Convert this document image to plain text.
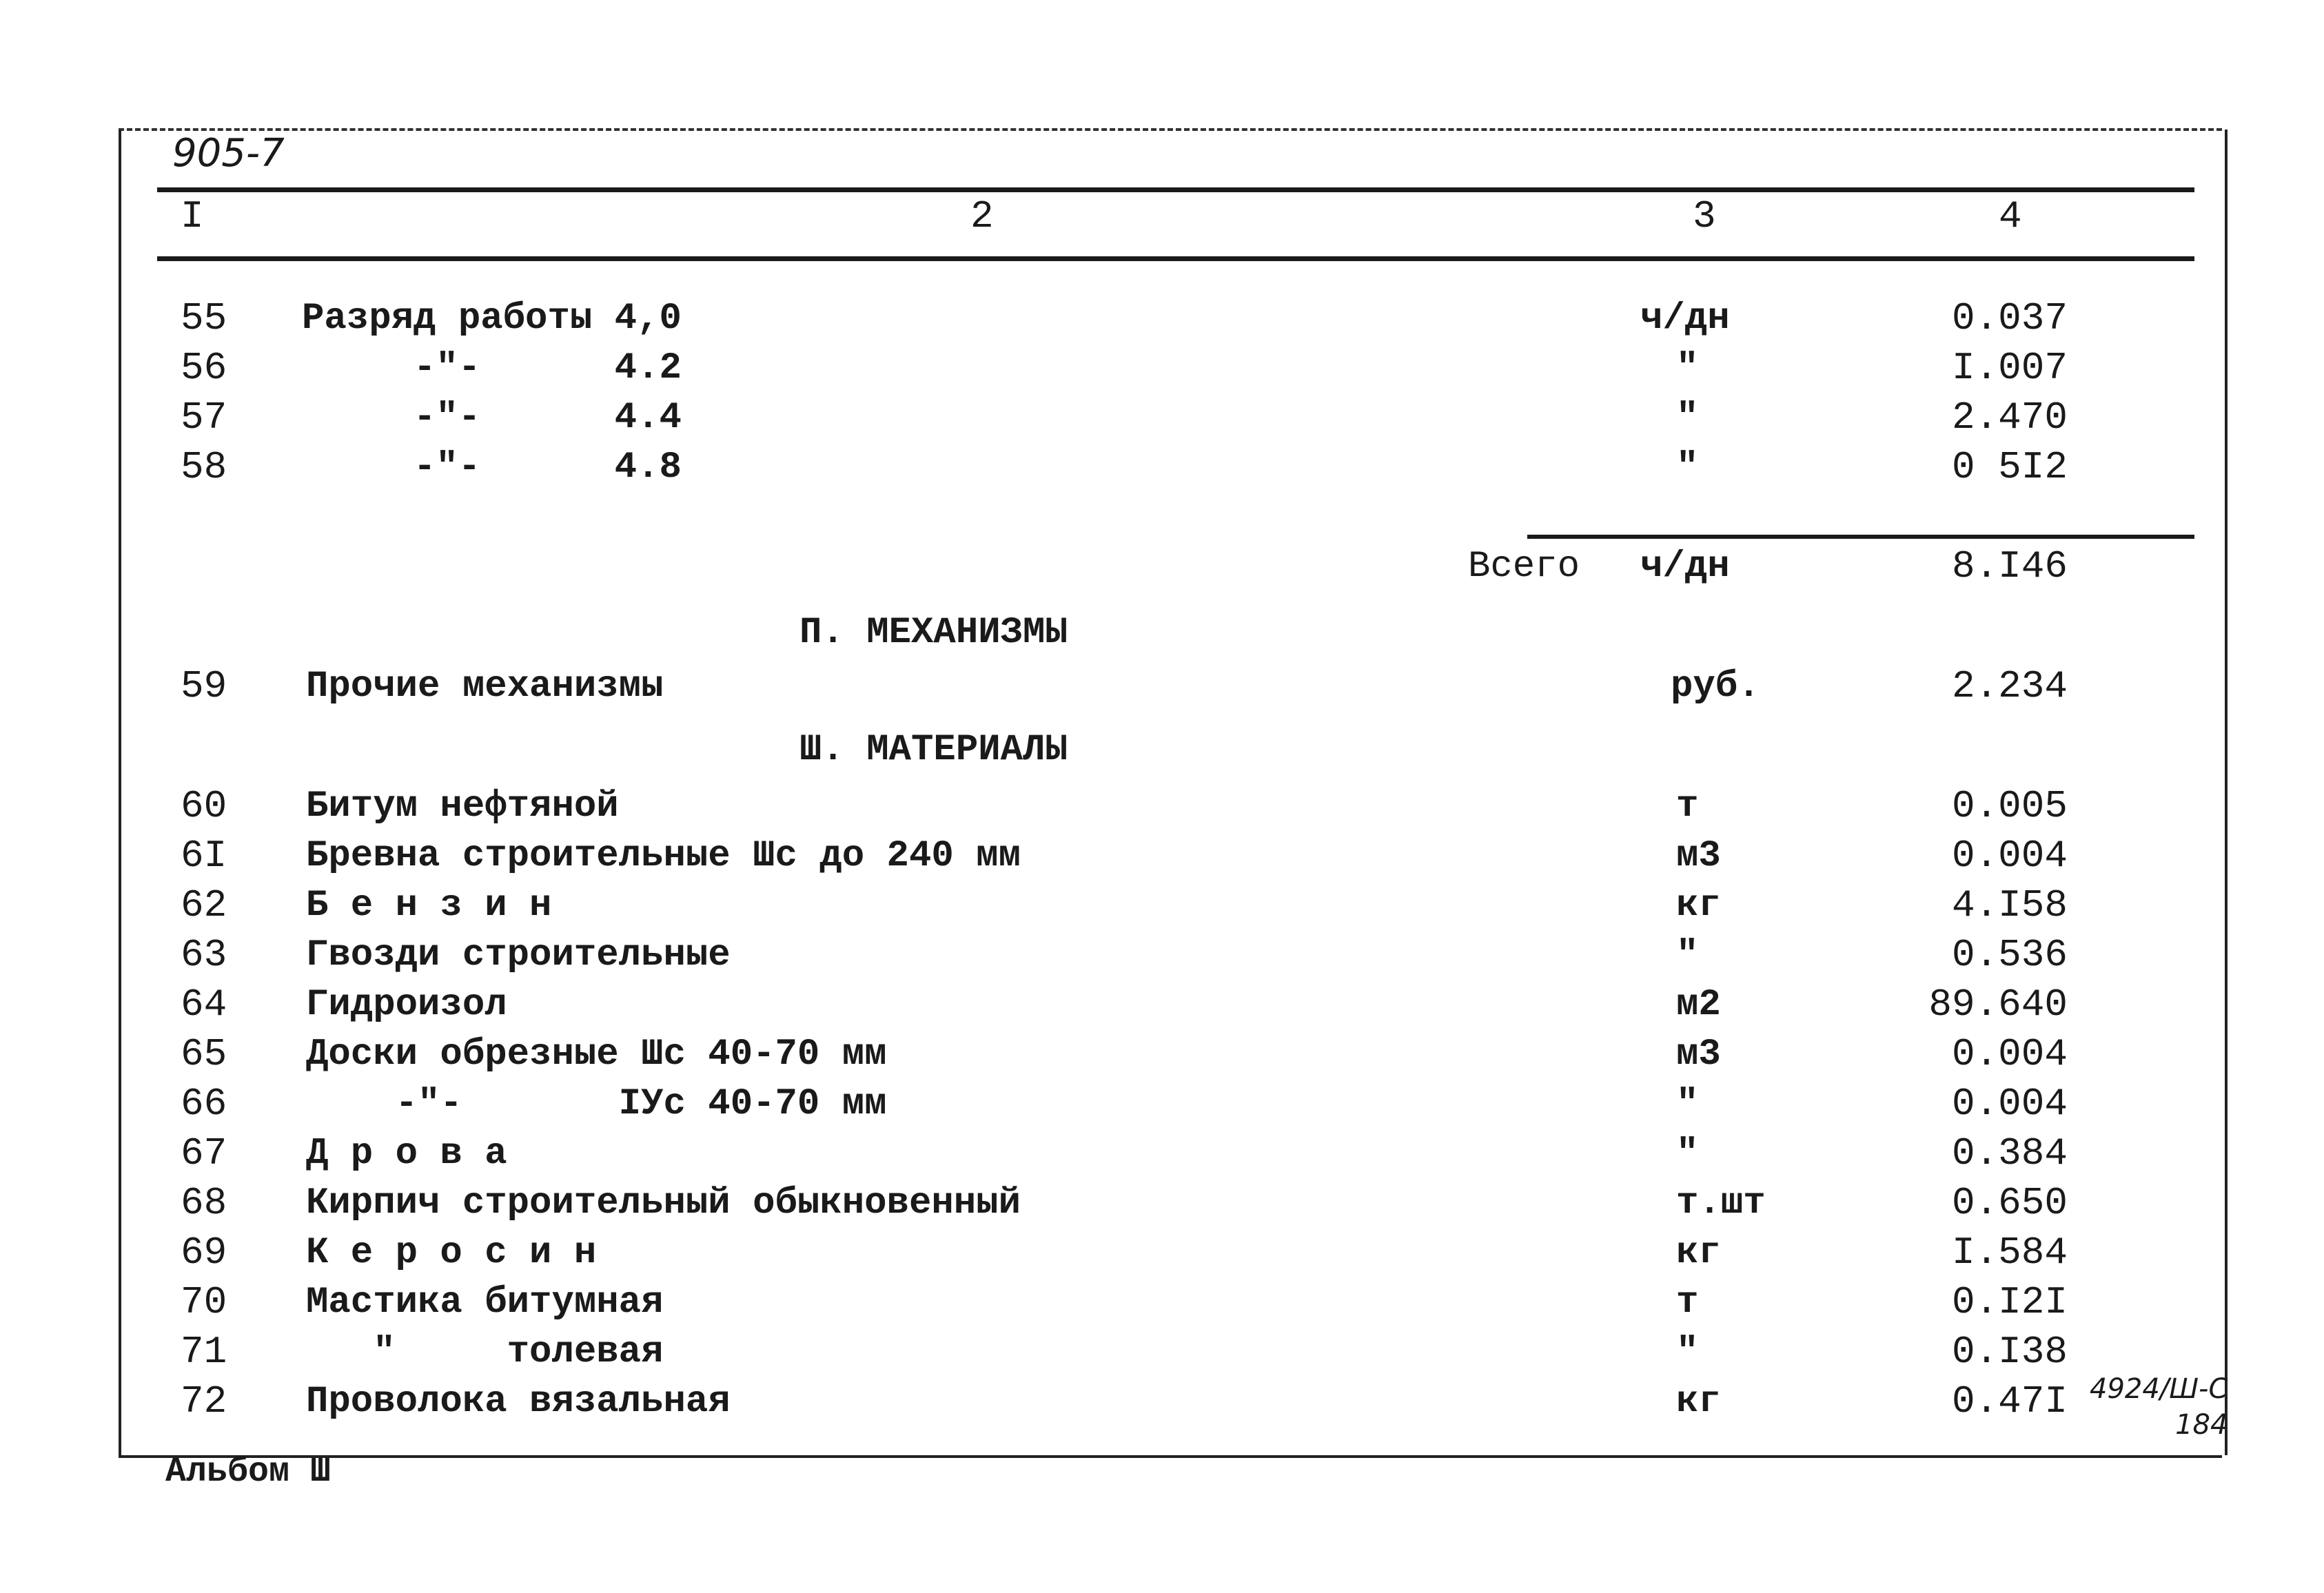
905-7
I	2	3	4
55 Разряд работы 4,0	ч/дн	0.037
56 -"-      4.2	"	I.007
57 -"-      4.4	"	2.470
58 -"-      4.8	"	0 5I2
Всего ч/дн	8.I46
П. МЕХАНИЗМЫ
59 Прочие механизмы	руб.	2.234
Ш. МАТЕРИАЛЫ
60 Битум нефтяной	т	0.005
6I Бревна строительные Шс до 240 мм	м3	0.004
62 Б е н з и н	кг	4.I58
63 Гвозди строительные	"	0.536
64 Гидроизол	м2	89.640
65 Доски обрезные Шс 40-70 мм	м3	0.004
66 -"-       IУс 40-70 мм	"	0.004
67 Д р о в а	"	0.384
68 Кирпич строительный обыкновенный	т.шт	0.650
69 К е р о с и н	кг	I.584
70 Мастика битумная	т	0.I2I
71 "     толевая	"	0.I38
72 Проволока вязальная	кг	0.47I 4924/Ш-С
184
Альбом Ш
